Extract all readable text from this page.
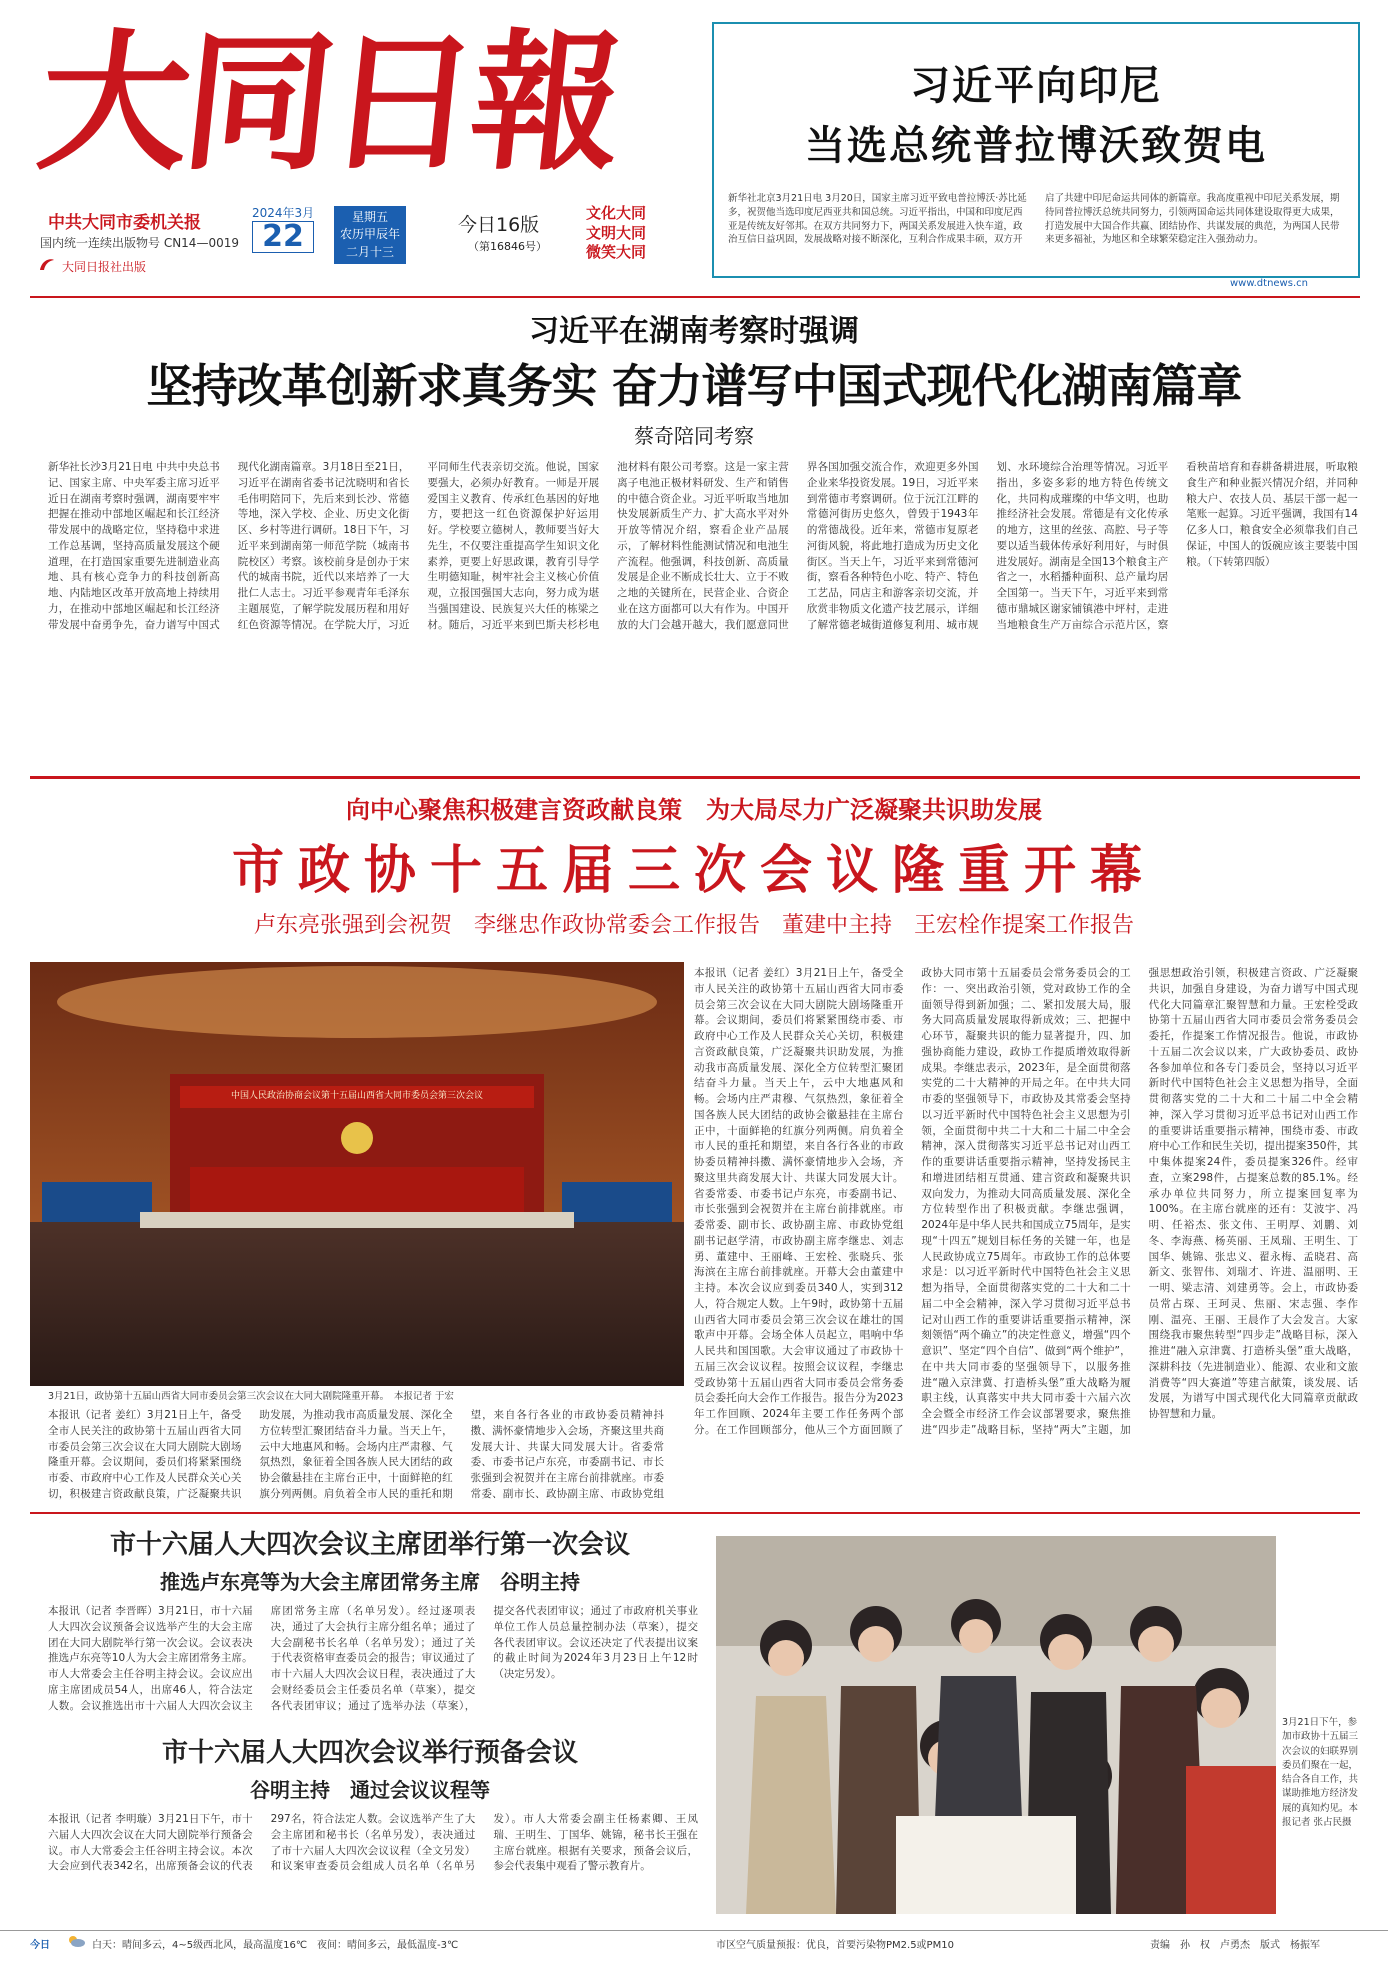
大同日報
中共大同市委机关报
国内统一连续出版物号 CN14—0019
大同日报社出版
2024年3月
22
星期五
农历甲辰年
二月十三
今日16版
（第16846号）
文化大同
文明大同
微笑大同
习近平向印尼
当选总统普拉博沃致贺电
新华社北京3月21日电 3月20日，国家主席习近平致电普拉博沃·苏比延多，祝贺他当选印度尼西亚共和国总统。习近平指出，中国和印度尼西亚是传统友好邻邦。在双方共同努力下，两国关系发展进入快车道，政治互信日益巩固，发展战略对接不断深化，互利合作成果丰硕，双方开启了共建中印尼命运共同体的新篇章。我高度重视中印尼关系发展，期待同普拉博沃总统共同努力，引领两国命运共同体建设取得更大成果，打造发展中大国合作共赢、团结协作、共谋发展的典范，为两国人民带来更多福祉，为地区和全球繁荣稳定注入强劲动力。
www.dtnews.cn
习近平在湖南考察时强调
坚持改革创新求真务实 奋力谱写中国式现代化湖南篇章
蔡奇陪同考察
新华社长沙3月21日电 中共中央总书记、国家主席、中央军委主席习近平近日在湖南考察时强调，湖南要牢牢把握在推动中部地区崛起和长江经济带发展中的战略定位，坚持稳中求进工作总基调，坚持高质量发展这个硬道理，在打造国家重要先进制造业高地、具有核心竞争力的科技创新高地、内陆地区改革开放高地上持续用力，在推动中部地区崛起和长江经济带发展中奋勇争先，奋力谱写中国式现代化湖南篇章。3月18日至21日，习近平在湖南省委书记沈晓明和省长毛伟明陪同下，先后来到长沙、常德等地，深入学校、企业、历史文化街区、乡村等进行调研。18日下午，习近平来到湖南第一师范学院（城南书院校区）考察。该校前身是创办于宋代的城南书院，近代以来培养了一大批仁人志士。习近平参观青年毛泽东主题展览，了解学院发展历程和用好红色资源等情况。在学院大厅，习近平同师生代表亲切交流。他说，国家要强大，必须办好教育。一师是开展爱国主义教育、传承红色基因的好地方，要把这一红色资源保护好运用好。学校要立德树人，教师要当好大先生，不仅要注重提高学生知识文化素养，更要上好思政课，教育引导学生明德知耻，树牢社会主义核心价值观，立报国强国大志向，努力成为堪当强国建设、民族复兴大任的栋梁之材。随后，习近平来到巴斯夫杉杉电池材料有限公司考察。这是一家主营离子电池正极材料研发、生产和销售的中德合资企业。习近平听取当地加快发展新质生产力、扩大高水平对外开放等情况介绍，察看企业产品展示，了解材料性能测试情况和电池生产流程。他强调，科技创新、高质量发展是企业不断成长壮大、立于不败之地的关键所在，民营企业、合资企业在这方面都可以大有作为。中国开放的大门会越开越大，我们愿意同世界各国加强交流合作，欢迎更多外国企业来华投资发展。19日，习近平来到常德市考察调研。位于沅江江畔的常德河街历史悠久，曾毁于1943年的常德战役。近年来，常德市复原老河街风貌，将此地打造成为历史文化街区。当天上午，习近平来到常德河街，察看各种特色小吃、特产、特色工艺品，同店主和游客亲切交流，并欣赏非物质文化遗产技艺展示，详细了解常德老城街道修复利用、城市规划、水环境综合治理等情况。习近平指出，多姿多彩的地方特色传统文化，共同构成璀璨的中华文明，也助推经济社会发展。常德是有文化传承的地方，这里的丝弦、高腔、号子等要以适当载体传承好利用好，与时俱进发展好。湖南是全国13个粮食主产省之一，水稻播种面积、总产量均居全国第一。当天下午，习近平来到常德市鼎城区谢家铺镇港中坪村，走进当地粮食生产万亩综合示范片区，察看秧苗培育和春耕备耕进展，听取粮食生产和种业振兴情况介绍，并同种粮大户、农技人员、基层干部一起一笔账一起算。习近平强调，我国有14亿多人口，粮食安全必须靠我们自己保证，中国人的饭碗应该主要装中国粮。（下转第四版）
向中心聚焦积极建言资政献良策　为大局尽力广泛凝聚共识助发展
市政协十五届三次会议隆重开幕
卢东亮张强到会祝贺　李继忠作政协常委会工作报告　董建中主持　王宏栓作提案工作报告
中国人民政治协商会议第十五届山西省大同市委员会第三次会议
3月21日，政协第十五届山西省大同市委员会第三次会议在大同大剧院隆重开幕。　本报记者 于宏
本报讯（记者 姜红）3月21日上午，备受全市人民关注的政协第十五届山西省大同市委员会第三次会议在大同大剧院大剧场隆重开幕。会议期间，委员们将紧紧围绕市委、市政府中心工作及人民群众关心关切，积极建言资政献良策，广泛凝聚共识助发展，为推动我市高质量发展、深化全方位转型汇聚团结奋斗力量。当天上午，云中大地惠风和畅。会场内庄严肃穆、气氛热烈，象征着全国各族人民大团结的政协会徽悬挂在主席台正中，十面鲜艳的红旗分列两侧。肩负着全市人民的重托和期望，来自各行各业的市政协委员精神抖擞、满怀豪情地步入会场，齐聚这里共商发展大计、共谋大同发展大计。省委常委、市委书记卢东亮，市委副书记、市长张强到会祝贺并在主席台前排就座。市委常委、副市长、政协副主席、市政协党组
本报讯（记者 姜红）3月21日上午，备受全市人民关注的政协第十五届山西省大同市委员会第三次会议在大同大剧院大剧场隆重开幕。会议期间，委员们将紧紧围绕市委、市政府中心工作及人民群众关心关切，积极建言资政献良策，广泛凝聚共识助发展，为推动我市高质量发展、深化全方位转型汇聚团结奋斗力量。当天上午，云中大地惠风和畅。会场内庄严肃穆、气氛热烈，象征着全国各族人民大团结的政协会徽悬挂在主席台正中，十面鲜艳的红旗分列两侧。肩负着全市人民的重托和期望，来自各行各业的市政协委员精神抖擞、满怀豪情地步入会场，齐聚这里共商发展大计、共谋大同发展大计。省委常委、市委书记卢东亮，市委副书记、市长张强到会祝贺并在主席台前排就座。市委常委、副市长、政协副主席、市政协党组副书记赵学清，市政协副主席李继忠、刘志勇、董建中、王丽峰、王宏栓、张晓兵、张海滨在主席台前排就座。开幕大会由董建中主持。本次会议应到委员340人，实到312人，符合规定人数。上午9时，政协第十五届山西省大同市委员会第三次会议在雄壮的国歌声中开幕。会场全体人员起立，唱响中华人民共和国国歌。大会审议通过了市政协十五届三次会议议程。按照会议议程，李继忠受政协第十五届山西省大同市委员会常务委员会委托向大会作工作报告。报告分为2023年工作回顾、2024年主要工作任务两个部分。在工作回顾部分，他从三个方面回顾了政协大同市第十五届委员会常务委员会的工作：一、突出政治引领，党对政协工作的全面领导得到新加强；二、紧扣发展大局，服务大同高质量发展取得新成效；三、把握中心环节，凝聚共识的能力显著提升，四、加强协商能力建设，政协工作提质增效取得新成果。李继忠表示，2023年，是全面贯彻落实党的二十大精神的开局之年。在中共大同市委的坚强领导下，市政协及其常委会坚持以习近平新时代中国特色社会主义思想为引领，全面贯彻中共二十大和二十届二中全会精神，深入贯彻落实习近平总书记对山西工作的重要讲话重要指示精神，坚持发扬民主和增进团结相互贯通、建言资政和凝聚共识双向发力，为推动大同高质量发展、深化全方位转型作出了积极贡献。李继忠强调，2024年是中华人民共和国成立75周年，是实现“十四五”规划目标任务的关键一年，也是人民政协成立75周年。市政协工作的总体要求是：以习近平新时代中国特色社会主义思想为指导，全面贯彻落实党的二十大和二十届二中全会精神，深入学习贯彻习近平总书记对山西工作的重要讲话重要指示精神，深刻领悟“两个确立”的决定性意义，增强“四个意识”、坚定“四个自信”、做到“两个维护”，在中共大同市委的坚强领导下，以服务推进“融入京津冀、打造桥头堡”重大战略为履职主线，认真落实中共大同市委十六届六次全会暨全市经济工作会议部署要求，聚焦推进“四步走”战略目标，坚持“两大”主题，加强思想政治引领，积极建言资政、广泛凝聚共识，加强自身建设，为奋力谱写中国式现代化大同篇章汇聚智慧和力量。王宏栓受政协第十五届山西省大同市委员会常务委员会委托，作提案工作情况报告。他说，市政协十五届二次会议以来，广大政协委员、政协各参加单位和各专门委员会，坚持以习近平新时代中国特色社会主义思想为指导，全面贯彻落实党的二十大和二十届二中全会精神，深入学习贯彻习近平总书记对山西工作的重要讲话重要指示精神，围绕市委、市政府中心工作和民生关切，提出提案350件，其中集体提案24件，委员提案326件。经审查，立案298件，占提案总数的85.1%。经承办单位共同努力，所立提案回复率为100%。在主席台就座的还有：艾波宇、冯明、任裕杰、张文伟、王明厚、刘鹏、刘冬、李海燕、杨英丽、王凤瑞、王明生、丁国华、姚锦、张忠义、翟永梅、孟晓君、高新文、张智伟、刘瑞才、许进、温丽明、王一明、梁志清、刘建勇等。会上，市政协委员常占琛、王珂灵、焦丽、宋志强、李作刚、温亮、王丽、王晨作了大会发言。大家围绕我市聚焦转型“四步走”战略目标，深入推进“融入京津冀、打造桥头堡”重大战略，深耕科技（先进制造业）、能源、农业和文旅消费等“四大赛道”等建言献策，谈发展、话发展，为谱写中国式现代化大同篇章贡献政协智慧和力量。
市十六届人大四次会议主席团举行第一次会议
推选卢东亮等为大会主席团常务主席　谷明主持
本报讯（记者 李晋晖）3月21日，市十六届人大四次会议预备会议选举产生的大会主席团在大同大剧院举行第一次会议。会议表决推选卢东亮等10人为大会主席团常务主席。市人大常委会主任谷明主持会议。会议应出席主席团成员54人，出席46人，符合法定人数。会议推选出市十六届人大四次会议主席团常务主席（名单另发）。经过逐项表决，通过了大会执行主席分组名单；通过了大会副秘书长名单（名单另发）；通过了关于代表资格审查委员会的报告；审议通过了市十六届人大四次会议日程，表决通过了大会财经委员会主任委员名单（草案），提交各代表团审议；通过了选举办法（草案），提交各代表团审议；通过了市政府机关事业单位工作人员总量控制办法（草案），提交各代表团审议。会议还决定了代表提出议案的截止时间为2024年3月23日上午12时（决定另发）。
市十六届人大四次会议举行预备会议
谷明主持　通过会议议程等
本报讯（记者 李明璇）3月21日下午，市十六届人大四次会议在大同大剧院举行预备会议。市人大常委会主任谷明主持会议。本次大会应到代表342名，出席预备会议的代表297名，符合法定人数。会议选举产生了大会主席团和秘书长（名单另发），表决通过了市十六届人大四次会议议程（全文另发）和议案审查委员会组成人员名单（名单另发）。市人大常委会副主任杨素卿、王凤瑞、王明生、丁国华、姚锦，秘书长王强在主席台就座。根据有关要求，预备会议后，参会代表集中观看了警示教育片。
3月21日下午，参加市政协十五届三次会议的妇联界别委员们聚在一起，结合各自工作，共谋助推地方经济发展的真知灼见。本报记者 张占民摄
今日	白天：晴间多云，4~5级西北风，最高温度16℃　夜间：晴间多云，最低温度-3℃	市区空气质量预报：优良，首要污染物PM2.5或PM10	责编　孙　权　卢勇杰　版式　杨振军
